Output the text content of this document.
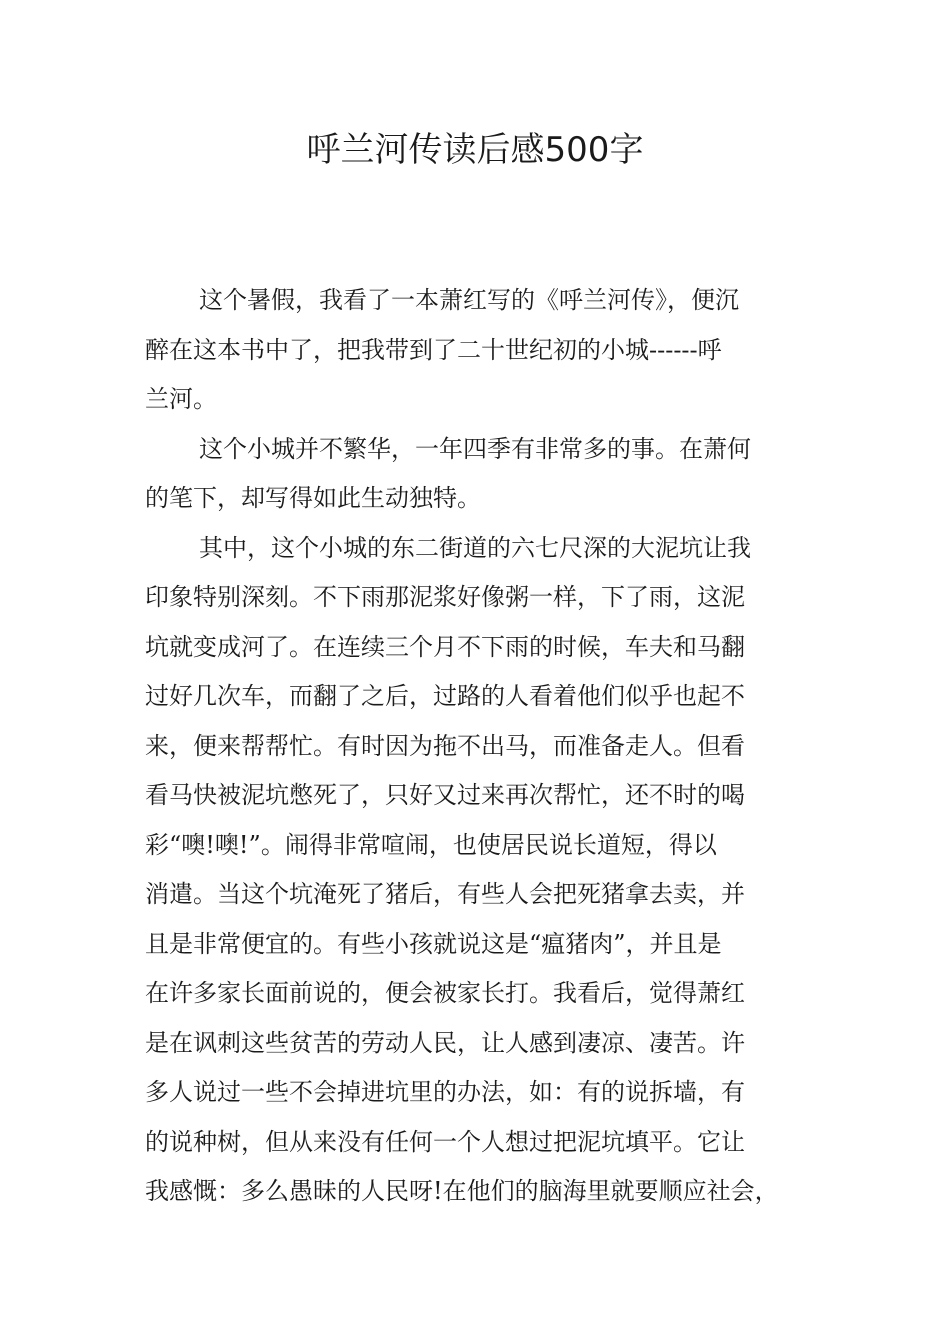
呼兰河传读后感500字
这个暑假，我看了一本萧红写的《呼兰河传》，便沉
醉在这本书中了，把我带到了二十世纪初的小城------呼
兰河。
这个小城并不繁华，一年四季有非常多的事。在萧何
的笔下，却写得如此生动独特。
其中，这个小城的东二街道的六七尺深的大泥坑让我
印象特别深刻。不下雨那泥浆好像粥一样，下了雨，这泥
坑就变成河了。在连续三个月不下雨的时候，车夫和马翻
过好几次车，而翻了之后，过路的人看着他们似乎也起不
来，便来帮帮忙。有时因为拖不出马，而准备走人。但看
看马快被泥坑憋死了，只好又过来再次帮忙，还不时的喝
彩“噢!噢!”。闹得非常喧闹，也使居民说长道短，得以
消遣。当这个坑淹死了猪后，有些人会把死猪拿去卖，并
且是非常便宜的。有些小孩就说这是“瘟猪肉”，并且是
在许多家长面前说的，便会被家长打。我看后，觉得萧红
是在讽刺这些贫苦的劳动人民，让人感到凄凉、凄苦。许
多人说过一些不会掉进坑里的办法，如：有的说拆墙，有
的说种树，但从来没有任何一个人想过把泥坑填平。它让
我感慨：多么愚昧的人民呀!在他们的脑海里就要顺应社会，
